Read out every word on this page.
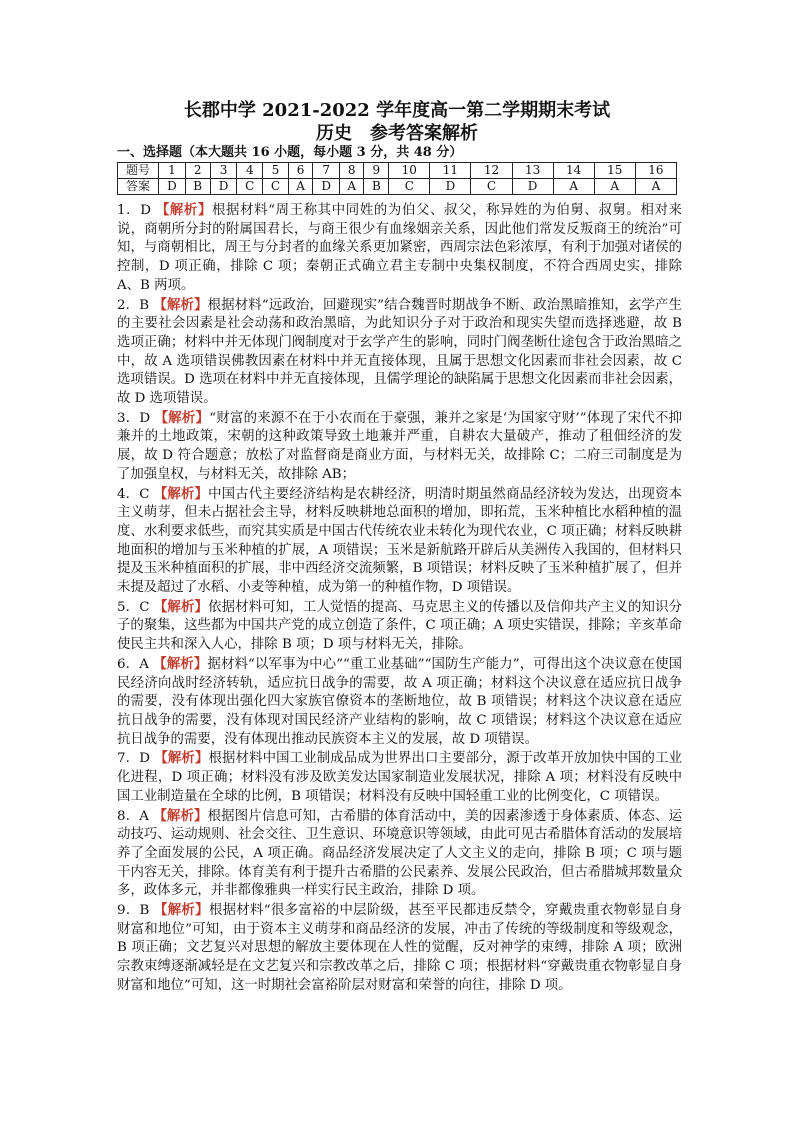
长郡中学 2021-2022 学年度高一第二学期期末考试
历史　参考答案解析
一、选择题（本大题共 16 小题，每小题 3 分，共 48 分）
题号	1	2	3	4	5	6	7	8	9	10	11	12	13	14	15	16
答案	D	B	D	C	C	A	D	A	B	C	D	C	D	A	A	A

1．D 【解析】根据材料“周王称其中同姓的为伯父、叔父，称异姓的为伯舅、叔舅。相对来说，商朝所分封的附属国君长，与商王很少有血缘姻亲关系，因此他们常发反叛商王的统治”可知，与商朝相比，周王与分封者的血缘关系更加紧密，西周宗法色彩浓厚，有利于加强对诸侯的控制，D 项正确，排除 C 项；秦朝正式确立君主专制中央集权制度，不符合西周史实，排除 A、B 两项。

2．B 【解析】根据材料“远政治，回避现实”结合魏晋时期战争不断、政治黑暗推知，玄学产生的主要社会因素是社会动荡和政治黑暗，为此知识分子对于政治和现实失望而选择逃避，故 B 选项正确；材料中并无体现门阀制度对于玄学产生的影响，同时门阀垄断仕途包含于政治黑暗之中，故 A 选项错误佛教因素在材料中并无直接体现，且属于思想文化因素而非社会因素，故 C 选项错误。D 选项在材料中并无直接体现，且儒学理论的缺陷属于思想文化因素而非社会因素，故 D 选项错误。

3．D 【解析】“财富的来源不在于小农而在于豪强，兼并之家是‘为国家守财’”体现了宋代不抑兼并的土地政策，宋朝的这种政策导致土地兼并严重，自耕农大量破产，推动了租佃经济的发展，故 D 符合题意；放松了对监督商是商业方面，与材料无关，故排除 C；二府三司制度是为了加强皇权，与材料无关，故排除 AB；

4．C 【解析】中国古代主要经济结构是农耕经济，明清时期虽然商品经济较为发达，出现资本主义萌芽，但未占据社会主导，材料反映耕地总面积的增加，即拓荒，玉米种植比水稻种植的温度、水利要求低些，而究其实质是中国古代传统农业未转化为现代农业，C 项正确；材料反映耕地面积的增加与玉米种植的扩展，A 项错误；玉米是新航路开辟后从美洲传入我国的，但材料只提及玉米种植面积的扩展，非中西经济交流频繁，B 项错误；材料反映了玉米种植扩展了，但并未提及超过了水稻、小麦等种植，成为第一的种植作物，D 项错误。

5．C 【解析】依据材料可知，工人觉悟的提高、马克思主义的传播以及信仰共产主义的知识分子的聚集，这些都为中国共产党的成立创造了条件，C 项正确；A 项史实错误，排除；辛亥革命使民主共和深入人心，排除 B 项；D 项与材料无关，排除。

6．A 【解析】据材料“以军事为中心”“重工业基础”“国防生产能力”，可得出这个决议意在使国民经济向战时经济转轨，适应抗日战争的需要，故 A 项正确；材料这个决议意在适应抗日战争的需要，没有体现出强化四大家族官僚资本的垄断地位，故 B 项错误；材料这个决议意在适应抗日战争的需要，没有体现对国民经济产业结构的影响，故 C 项错误；材料这个决议意在适应抗日战争的需要，没有体现出推动民族资本主义的发展，故 D 项错误。

7．D 【解析】根据材料中国工业制成品成为世界出口主要部分，源于改革开放加快中国的工业化进程，D 项正确；材料没有涉及欧美发达国家制造业发展状况，排除 A 项；材料没有反映中国工业制造量在全球的比例，B 项错误；材料没有反映中国轻重工业的比例变化，C 项错误。

8．A 【解析】根据图片信息可知，古希腊的体育活动中，美的因素渗透于身体素质、体态、运动技巧、运动规则、社会交往、卫生意识、环境意识等领域，由此可见古希腊体育活动的发展培养了全面发展的公民，A 项正确。商品经济发展决定了人文主义的走向，排除 B 项；C 项与题干内容无关，排除。体育美有利于提升古希腊的公民素养、发展公民政治，但古希腊城邦数量众多，政体多元，并非都像雅典一样实行民主政治，排除 D 项。

9．B 【解析】根据材料“很多富裕的中层阶级，甚至平民都违反禁令，穿戴贵重衣物彰显自身财富和地位”可知，由于资本主义萌芽和商品经济的发展，冲击了传统的等级制度和等级观念，B 项正确；文艺复兴对思想的解放主要体现在人性的觉醒，反对神学的束缚，排除 A 项；欧洲宗教束缚逐渐减轻是在文艺复兴和宗教改革之后，排除 C 项；根据材料“穿戴贵重衣物彰显自身财富和地位”可知，这一时期社会富裕阶层对财富和荣誉的向往，排除 D 项。
